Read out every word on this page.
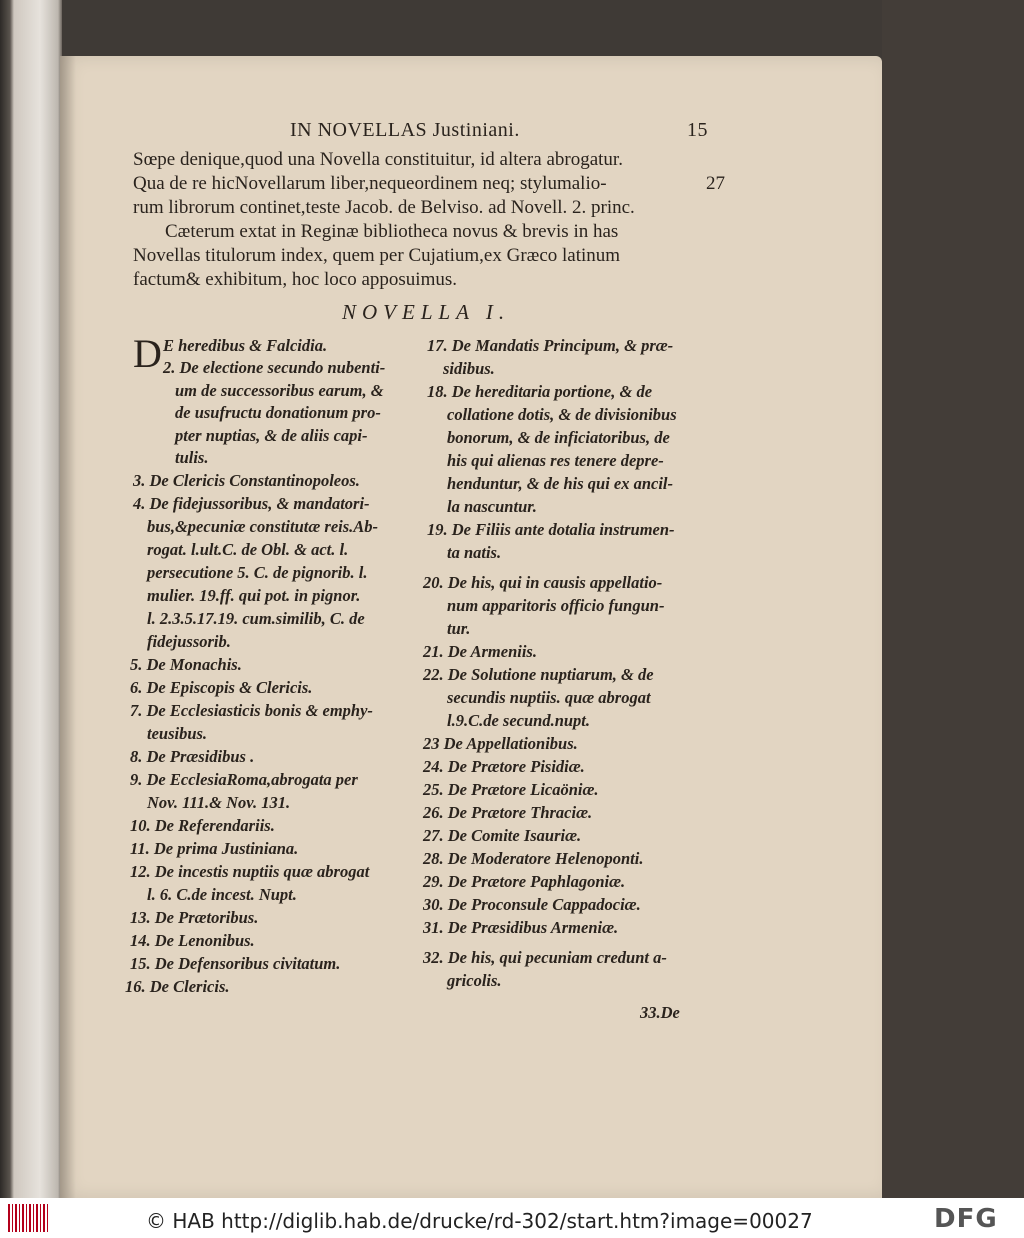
IN NOVELLAS Justiniani.	15
Sœpe denique,quod una Novella constituitur, id altera abrogatur.
Qua de re hicNovellarum liber,nequeordinem neq; stylumalio-
rum librorum continet,teste Jacob. de Belviso. ad Novell. 2. princ.
Cæterum extat in Reginæ bibliotheca novus & brevis in has
Novellas titulorum index, quem per Cujatium,ex Græco latinum
factum& exhibitum, hoc loco apposuimus.
27
NOVELLA I.
D E heredibus & Falcidia.
2. De electione secundo nubenti-
um de successoribus earum, &
de usufructu donationum pro-
pter nuptias, & de aliis capi-
tulis.
3. De Clericis Constantinopoleos.
4. De fidejussoribus, & mandatori-
bus,&pecuniæ constitutæ reis.Ab-
rogat. l.ult.C. de Obl. & act. l.
persecutione 5. C. de pignorib. l.
mulier. 19.ff. qui pot. in pignor.
l. 2.3.5.17.19. cum.similib, C. de
fidejussorib.
5. De Monachis.
6. De Episcopis & Clericis.
7. De Ecclesiasticis bonis & emphy-
teusibus.
8. De Præsidibus .
9. De EcclesiaRoma,abrogata per
Nov. 111.& Nov. 131.
10. De Referendariis.
11. De prima Justiniana.
12. De incestis nuptiis quæ abrogat
l. 6. C.de incest. Nupt.
13. De Prætoribus.
14. De Lenonibus.
15. De Defensoribus civitatum.
16. De Clericis.
17. De Mandatis Principum, & præ-
sidibus.
18. De hereditaria portione, & de
collatione dotis, & de divisionibus
bonorum, & de inficiatoribus, de
his qui alienas res tenere depre-
henduntur, & de his qui ex ancil-
la nascuntur.
19. De Filiis ante dotalia instrumen-
ta natis.
20. De his, qui in causis appellatio-
num apparitoris officio fungun-
tur.
21. De Armeniis.
22. De Solutione nuptiarum, & de
secundis nuptiis. quæ abrogat
l.9.C.de secund.nupt.
23 De Appellationibus.
24. De Prætore Pisidiæ.
25. De Prætore Licaöniæ.
26. De Prætore Thraciæ.
27. De Comite Isauriæ.
28. De Moderatore Helenoponti.
29. De Prætore Paphlagoniæ.
30. De Proconsule Cappadociæ.
31. De Præsidibus Armeniæ.
32. De his, qui pecuniam credunt a-
gricolis.
33.De
© HAB http://diglib.hab.de/drucke/rd-302/start.htm?image=00027	DFG
